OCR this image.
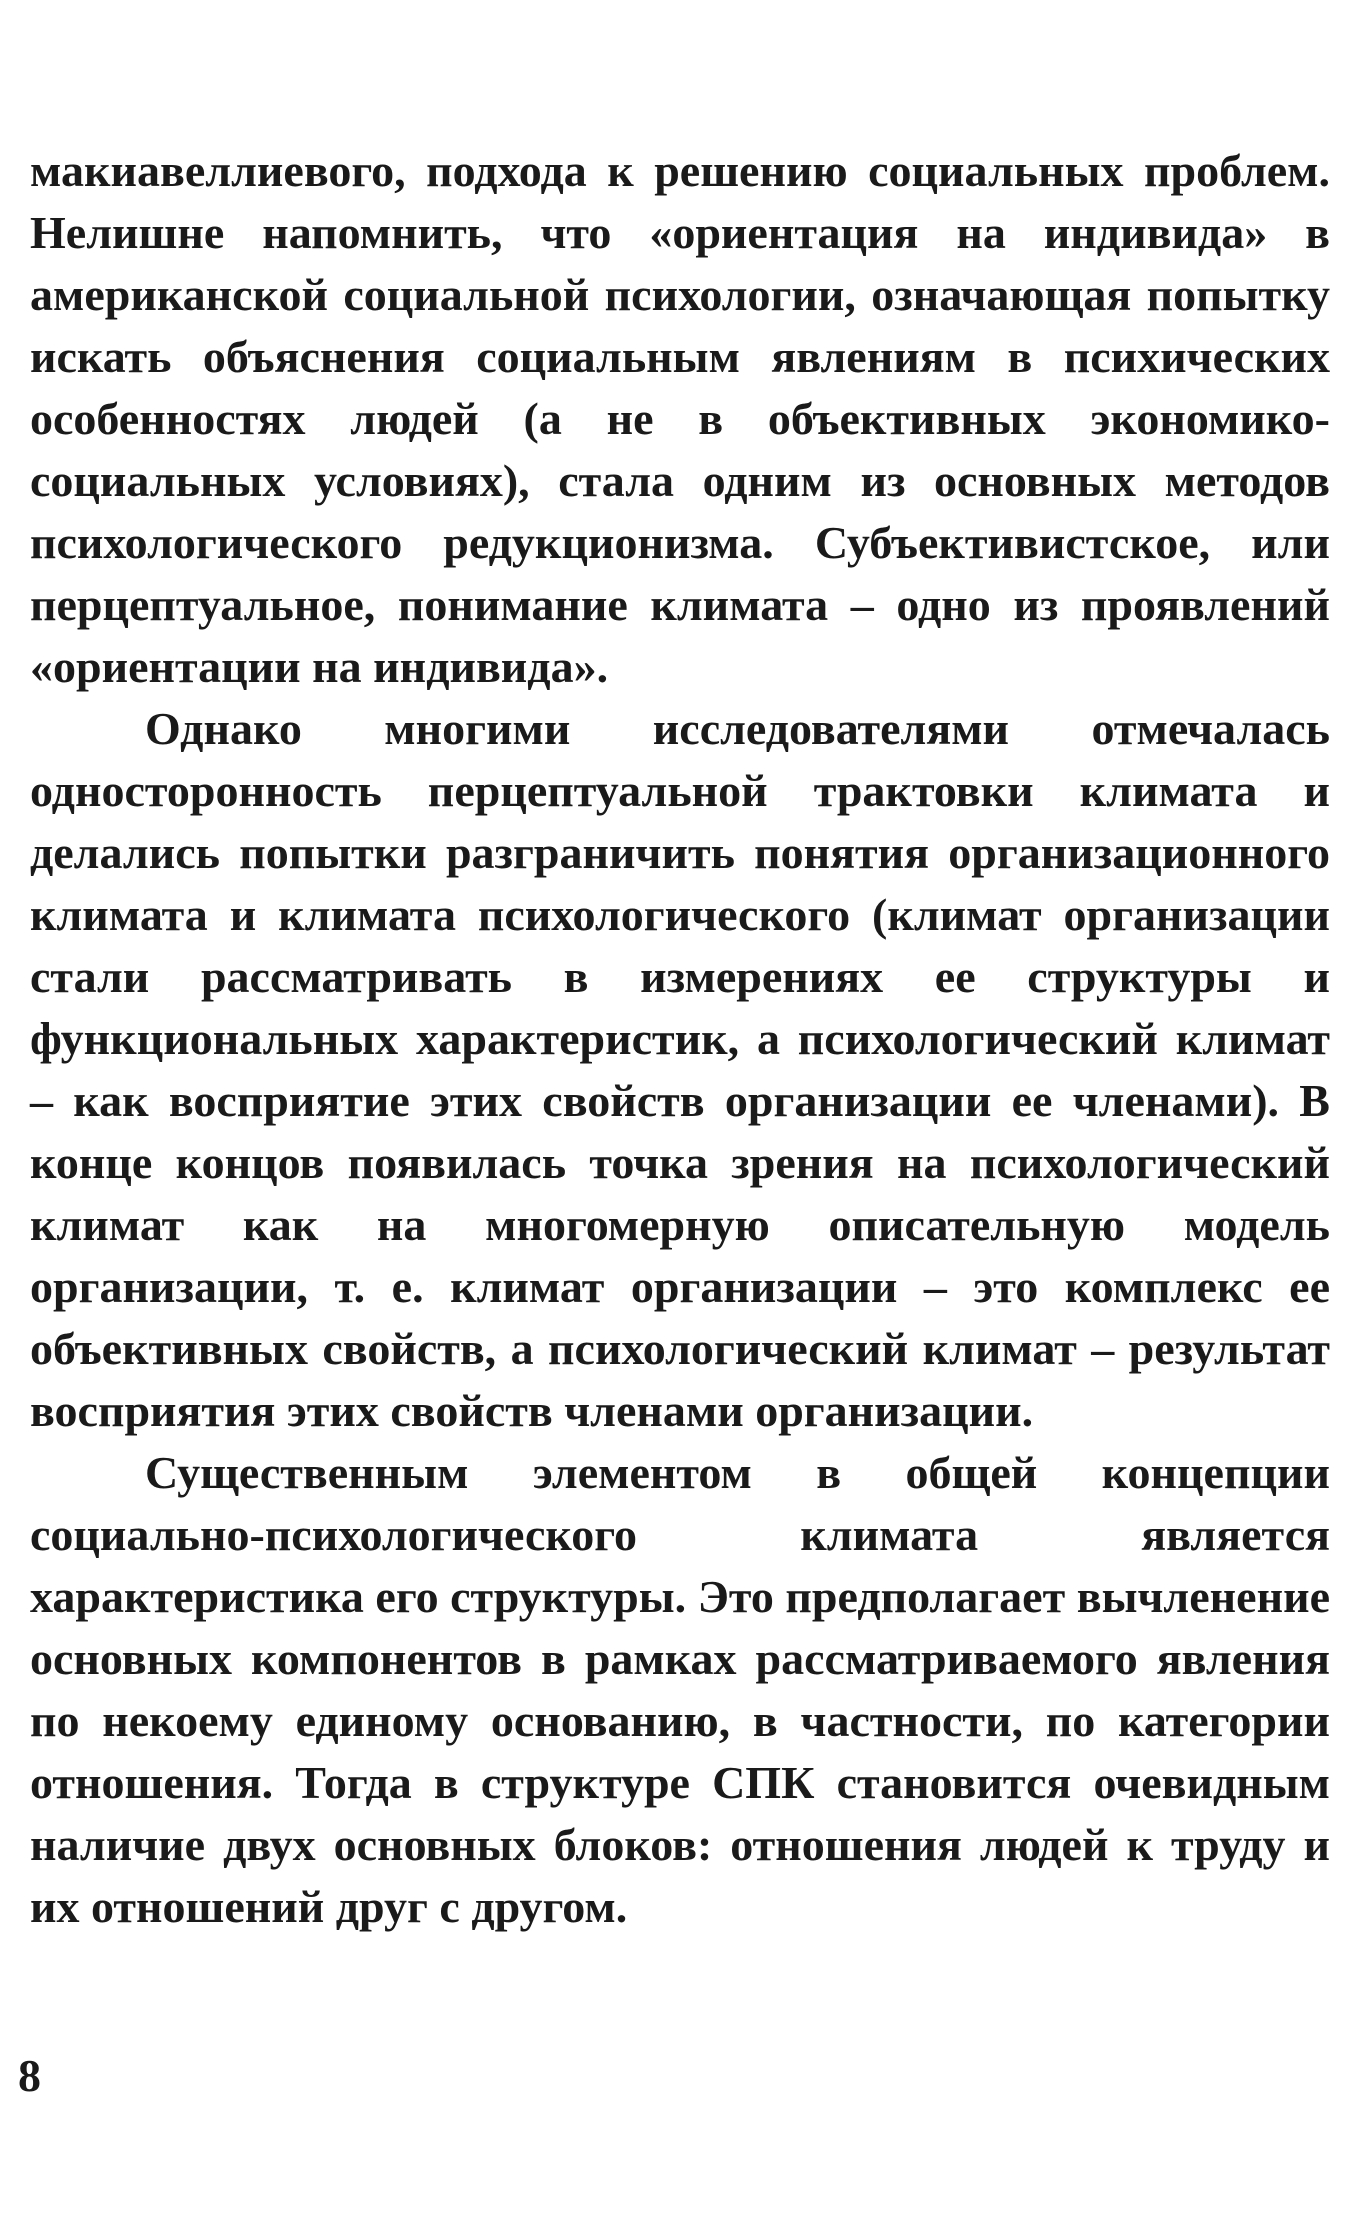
макиавеллиевого, подхода к решению социальных проблем. Нелишне напомнить, что «ориентация на индивида» в американской социальной психологии, означающая попытку искать объяснения социальным явлениям в психических особенностях людей (а не в объективных экономико-социальных условиях), стала одним из основных методов психологического редукционизма. Субъективистское, или перцептуальное, понимание климата – одно из проявлений «ориентации на индивида».

Однако многими исследователями отмечалась односторонность перцептуальной трактовки климата и делались попытки разграничить понятия организационного климата и климата психологического (климат организации стали рассматривать в измерениях ее структуры и функциональных характеристик, а психологический климат – как восприятие этих свойств организации ее членами). В конце концов появилась точка зрения на психологический климат как на многомерную описательную модель организации, т. е. климат организации – это комплекс ее объективных свойств, а психологический климат – результат восприятия этих свойств членами организации.

Существенным элементом в общей концепции социально-психологического климата является характеристика его структуры. Это предполагает вычленение основных компонентов в рамках рассматриваемого явления по некоему единому основанию, в частности, по категории отношения. Тогда в структуре СПК становится очевидным наличие двух основных блоков: отношения людей к труду и их отношений друг с другом.

8
